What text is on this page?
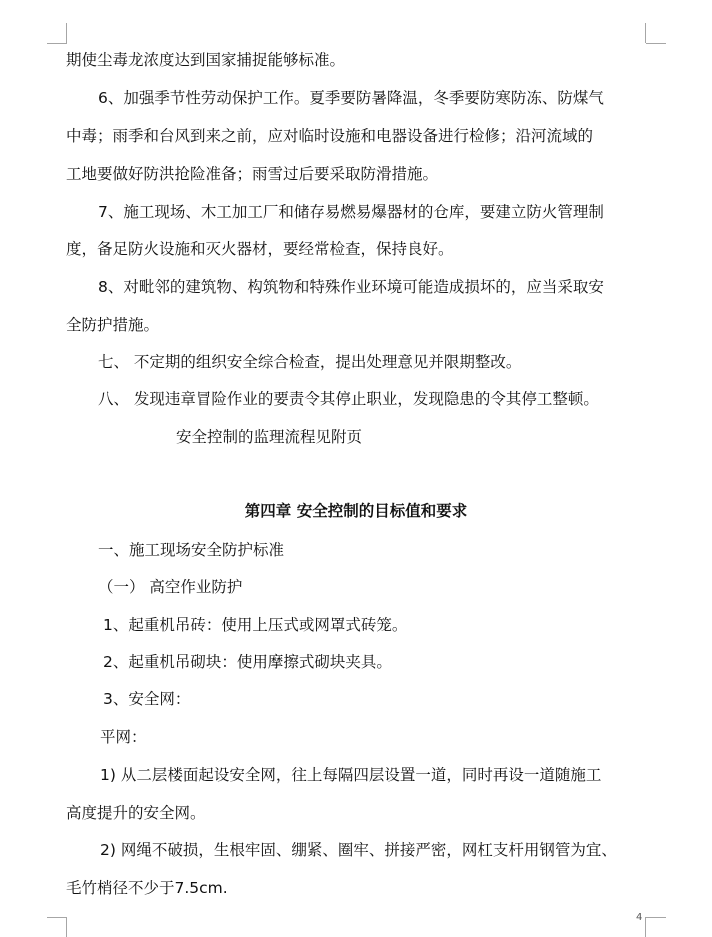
期使尘毒龙浓度达到国家捕捉能够标准。
6、加强季节性劳动保护工作。夏季要防暑降温，冬季要防寒防冻、防煤气
中毒；雨季和台风到来之前，应对临时设施和电器设备进行检修；沿河流域的
工地要做好防洪抢险准备；雨雪过后要采取防滑措施。
7、施工现场、木工加工厂和储存易燃易爆器材的仓库，要建立防火管理制
度，备足防火设施和灭火器材，要经常检查，保持良好。
8、对毗邻的建筑物、构筑物和特殊作业环境可能造成损坏的，应当采取安
全防护措施。
七、 不定期的组织安全综合检查，提出处理意见并限期整改。
八、 发现违章冒险作业的要责令其停止职业，发现隐患的令其停工整顿。
安全控制的监理流程见附页
第四章 安全控制的目标值和要求
一、施工现场安全防护标准
（一） 高空作业防护
1、起重机吊砖：使用上压式或网罩式砖笼。
2、起重机吊砌块：使用摩擦式砌块夹具。
3、安全网：
平网：
1) 从二层楼面起设安全网，往上每隔四层设置一道，同时再设一道随施工
高度提升的安全网。
2) 网绳不破损，生根牢固、绷紧、圈牢、拼接严密，网杠支杆用钢管为宜、
毛竹梢径不少于7.5cm.
4
